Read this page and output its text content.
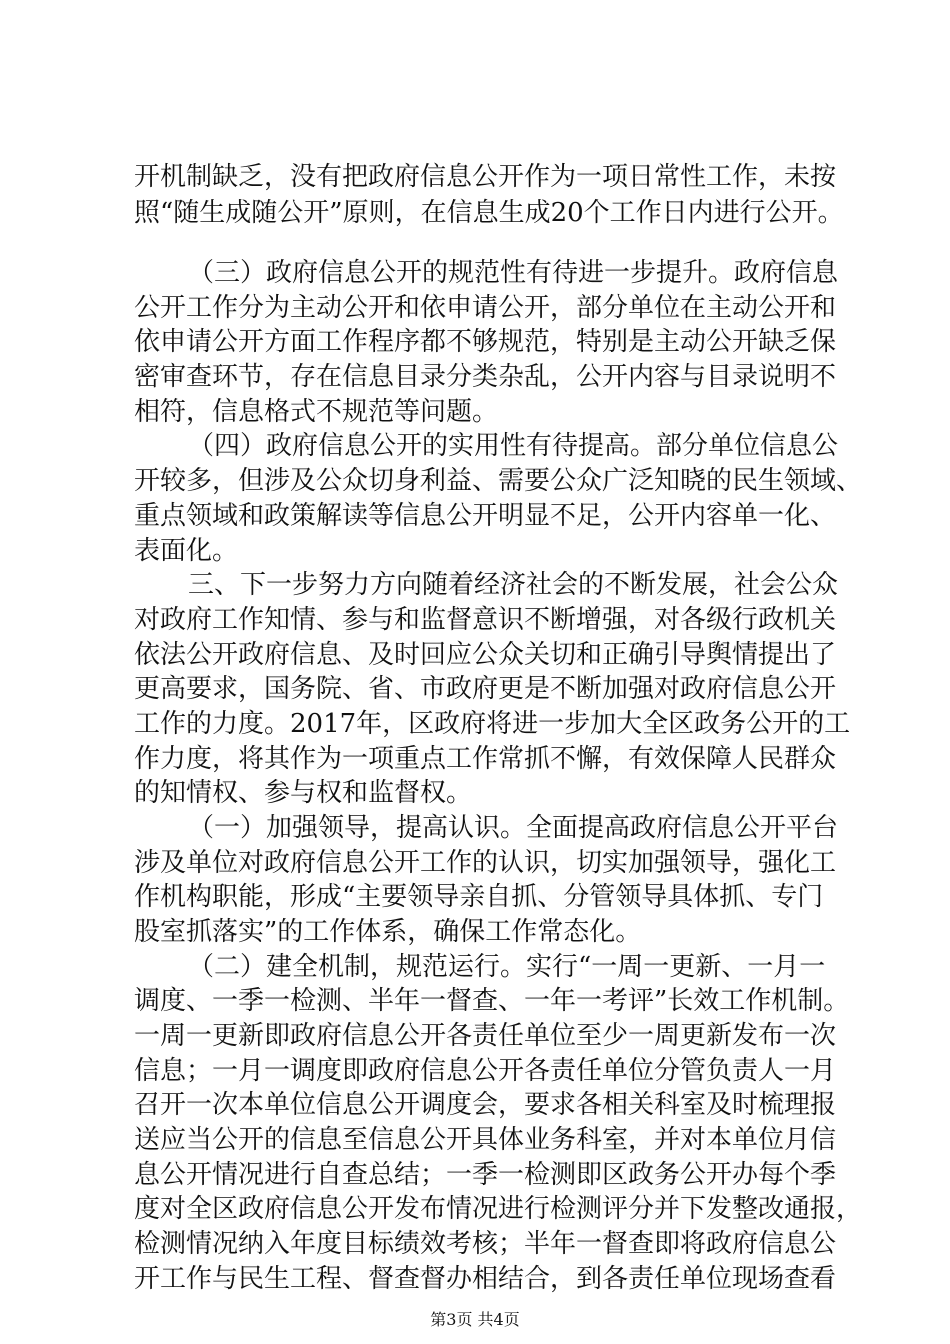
开机制缺乏，没有把政府信息公开作为一项日常性工作，未按
照“随生成随公开”原则，在信息生成20个工作日内进行公开。
（三）政府信息公开的规范性有待进一步提升。政府信息
公开工作分为主动公开和依申请公开，部分单位在主动公开和
依申请公开方面工作程序都不够规范，特别是主动公开缺乏保
密审查环节，存在信息目录分类杂乱，公开内容与目录说明不
相符，信息格式不规范等问题。
（四）政府信息公开的实用性有待提高。部分单位信息公
开较多，但涉及公众切身利益、需要公众广泛知晓的民生领域、
重点领域和政策解读等信息公开明显不足，公开内容单一化、
表面化。
三、下一步努力方向随着经济社会的不断发展，社会公众
对政府工作知情、参与和监督意识不断增强，对各级行政机关
依法公开政府信息、及时回应公众关切和正确引导舆情提出了
更高要求，国务院、省、市政府更是不断加强对政府信息公开
工作的力度。2017年，区政府将进一步加大全区政务公开的工
作力度，将其作为一项重点工作常抓不懈，有效保障人民群众
的知情权、参与权和监督权。
（一）加强领导，提高认识。全面提高政府信息公开平台
涉及单位对政府信息公开工作的认识，切实加强领导，强化工
作机构职能，形成“主要领导亲自抓、分管领导具体抓、专门
股室抓落实”的工作体系，确保工作常态化。
（二）建全机制，规范运行。实行“一周一更新、一月一
调度、一季一检测、半年一督查、一年一考评”长效工作机制。
一周一更新即政府信息公开各责任单位至少一周更新发布一次
信息；一月一调度即政府信息公开各责任单位分管负责人一月
召开一次本单位信息公开调度会，要求各相关科室及时梳理报
送应当公开的信息至信息公开具体业务科室，并对本单位月信
息公开情况进行自查总结；一季一检测即区政务公开办每个季
度对全区政府信息公开发布情况进行检测评分并下发整改通报，
检测情况纳入年度目标绩效考核；半年一督查即将政府信息公
开工作与民生工程、督查督办相结合，到各责任单位现场查看
第3页 共4页
